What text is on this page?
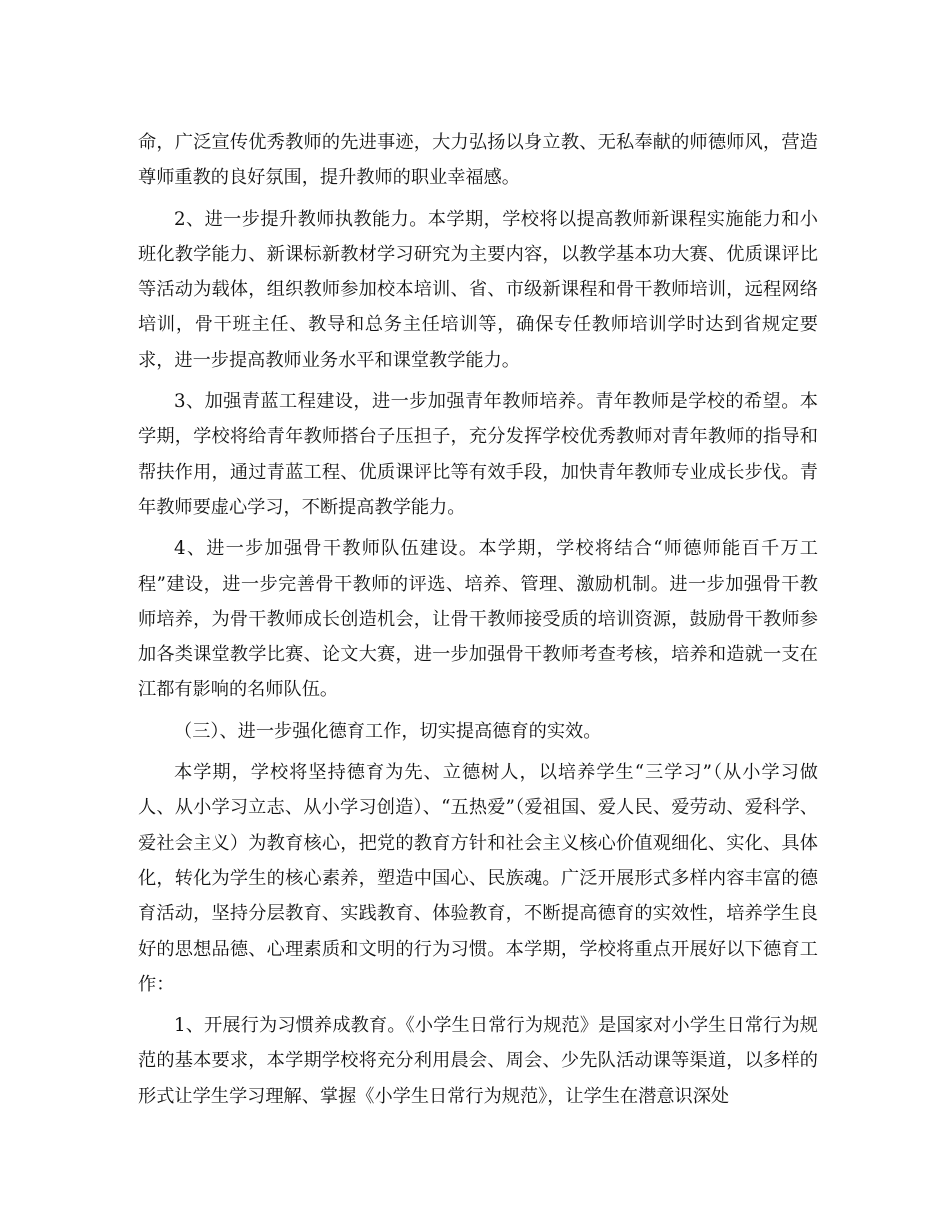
命，广泛宣传优秀教师的先进事迹，大力弘扬以身立教、无私奉献的师德师风，营造尊师重教的良好氛围，提升教师的职业幸福感。

2、进一步提升教师执教能力。本学期，学校将以提高教师新课程实施能力和小班化教学能力、新课标新教材学习研究为主要内容，以教学基本功大赛、优质课评比等活动为载体，组织教师参加校本培训、省、市级新课程和骨干教师培训，远程网络培训，骨干班主任、教导和总务主任培训等，确保专任教师培训学时达到省规定要求，进一步提高教师业务水平和课堂教学能力。

3、加强青蓝工程建设，进一步加强青年教师培养。青年教师是学校的希望。本学期，学校将给青年教师搭台子压担子，充分发挥学校优秀教师对青年教师的指导和帮扶作用，通过青蓝工程、优质课评比等有效手段，加快青年教师专业成长步伐。青年教师要虚心学习，不断提高教学能力。

4、进一步加强骨干教师队伍建设。本学期，学校将结合“师德师能百千万工程”建设，进一步完善骨干教师的评选、培养、管理、激励机制。进一步加强骨干教师培养，为骨干教师成长创造机会，让骨干教师接受质的培训资源，鼓励骨干教师参加各类课堂教学比赛、论文大赛，进一步加强骨干教师考查考核，培养和造就一支在江都有影响的名师队伍。

（三）、进一步强化德育工作，切实提高德育的实效。

本学期，学校将坚持德育为先、立德树人，以培养学生“三学习”（从小学习做人、从小学习立志、从小学习创造）、“五热爱”（爱祖国、爱人民、爱劳动、爱科学、爱社会主义）为教育核心，把党的教育方针和社会主义核心价值观细化、实化、具体化，转化为学生的核心素养，塑造中国心、民族魂。广泛开展形式多样内容丰富的德育活动，坚持分层教育、实践教育、体验教育，不断提高德育的实效性，培养学生良好的思想品德、心理素质和文明的行为习惯。本学期，学校将重点开展好以下德育工作：

1、开展行为习惯养成教育。《小学生日常行为规范》是国家对小学生日常行为规范的基本要求，本学期学校将充分利用晨会、周会、少先队活动课等渠道，以多样的形式让学生学习理解、掌握《小学生日常行为规范》，让学生在潜意识深处
